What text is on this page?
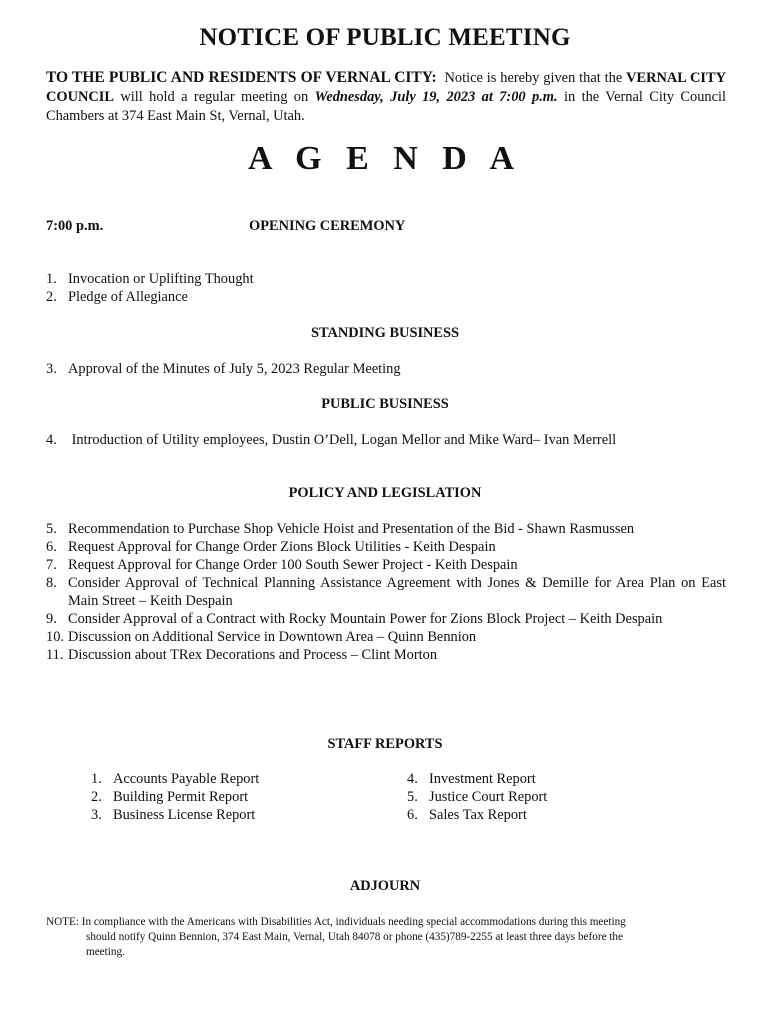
NOTICE OF PUBLIC MEETING
TO THE PUBLIC AND RESIDENTS OF VERNAL CITY: Notice is hereby given that the VERNAL CITY COUNCIL will hold a regular meeting on Wednesday, July 19, 2023 at 7:00 p.m. in the Vernal City Council Chambers at 374 East Main St, Vernal, Utah.
A G E N D A
7:00 p.m.	OPENING CEREMONY
1. Invocation or Uplifting Thought
2. Pledge of Allegiance
STANDING BUSINESS
3. Approval of the Minutes of July 5, 2023 Regular Meeting
PUBLIC BUSINESS
4. Introduction of Utility employees, Dustin O’Dell, Logan Mellor and Mike Ward– Ivan Merrell
POLICY AND LEGISLATION
5. Recommendation to Purchase Shop Vehicle Hoist and Presentation of the Bid - Shawn Rasmussen
6. Request Approval for Change Order Zions Block Utilities - Keith Despain
7. Request Approval for Change Order 100 South Sewer Project - Keith Despain
8. Consider Approval of Technical Planning Assistance Agreement with Jones & Demille for Area Plan on East Main Street – Keith Despain
9. Consider Approval of a Contract with Rocky Mountain Power for Zions Block Project – Keith Despain
10. Discussion on Additional Service in Downtown Area – Quinn Bennion
11. Discussion about TRex Decorations and Process – Clint Morton
STAFF REPORTS
1. Accounts Payable Report
2. Building Permit Report
3. Business License Report
4. Investment Report
5. Justice Court Report
6. Sales Tax Report
ADJOURN
NOTE: In compliance with the Americans with Disabilities Act, individuals needing special accommodations during this meeting
should notify Quinn Bennion, 374 East Main, Vernal, Utah 84078 or phone (435)789-2255 at least three days before the
meeting.
